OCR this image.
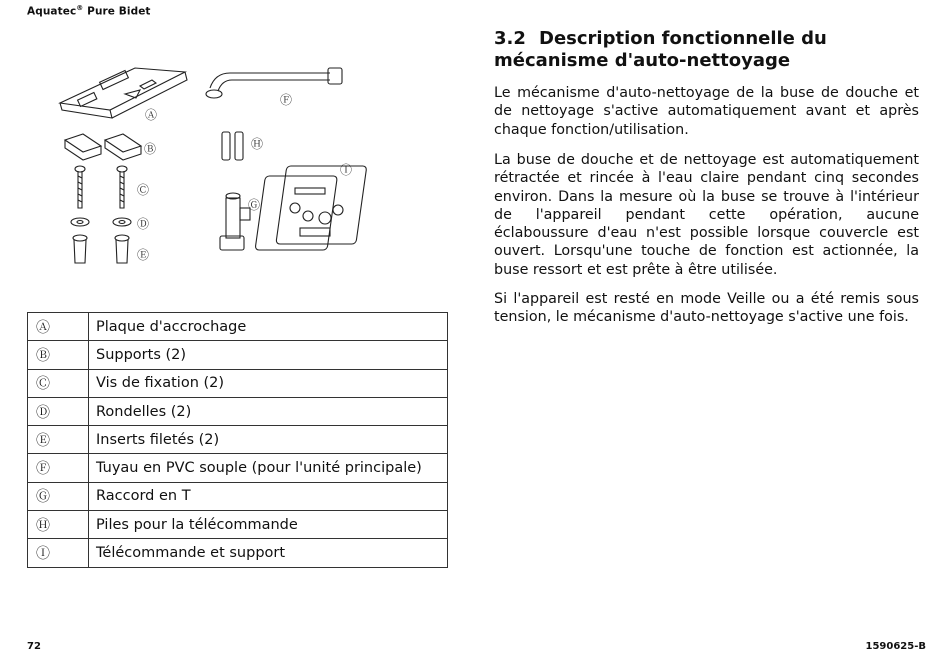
Aquatec® Pure Bidet
Ⓐ
Ⓑ
Ⓒ
Ⓓ
Ⓔ
Ⓕ
Ⓖ
Ⓗ
Ⓘ
Ⓐ	Plaque d'accrochage
Ⓑ	Supports (2)
Ⓒ	Vis de fixation (2)
Ⓓ	Rondelles (2)
Ⓔ	Inserts filetés (2)
Ⓕ	Tuyau en PVC souple (pour l'unité principale)
Ⓖ	Raccord en T
Ⓗ	Piles pour la télécommande
Ⓘ	Télécommande et support
3.2 Description fonctionnelle du mécanisme d'auto-nettoyage
Le mécanisme d'auto-nettoyage de la buse de douche et de nettoyage s'active automatiquement avant et après chaque fonction/utilisation.
La buse de douche et de nettoyage est automatiquement rétractée et rincée à l'eau claire pendant cinq secondes environ. Dans la mesure où la buse se trouve à l'intérieur de l'appareil pendant cette opération, aucune éclaboussure d'eau n'est possible lorsque couvercle est ouvert. Lorsqu'une touche de fonction est actionnée, la buse ressort et est prête à être utilisée.
Si l'appareil est resté en mode Veille ou a été remis sous tension, le mécanisme d'auto-nettoyage s'active une fois.
72	1590625-B
